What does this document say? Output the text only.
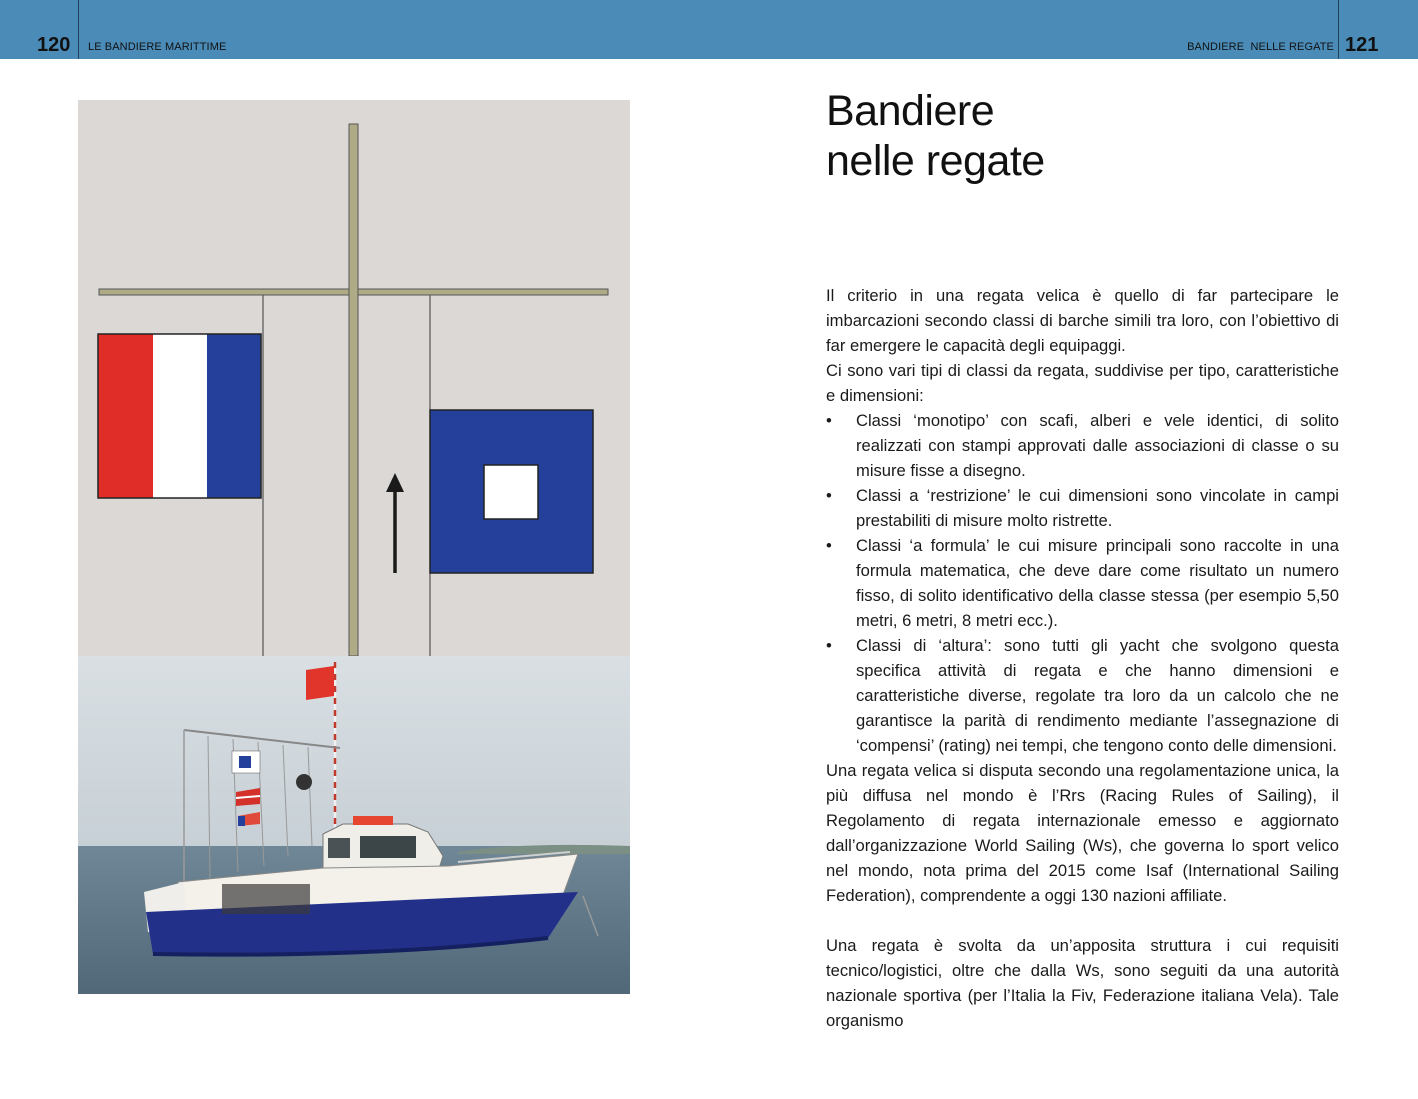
120 LE BANDIERE MARITTIME	BANDIERE  NELLE REGATE 121
Bandiere
nelle regate

Il criterio in una regata velica è quello di far partecipare le imbarcazioni secondo classi di barche simili tra loro, con l’obiettivo di far emergere le capacità degli equipaggi.

Ci sono vari tipi di classi da regata, suddivise per tipo, caratteristiche e dimensioni:

•	Classi ‘monotipo’ con scafi, alberi e vele identici, di solito realizzati con stampi approvati dalle associazioni di classe o su misure fisse a disegno.
•	Classi a ‘restrizione’ le cui dimensioni sono vincolate in campi prestabiliti di misure molto ristrette.
•	Classi ‘a formula’ le cui misure principali sono raccolte in una formula matematica, che deve dare come risultato un numero fisso, di solito identificativo della classe stessa (per esempio 5,50 metri, 6 metri, 8 metri ecc.).
•	Classi di ‘altura’: sono tutti gli yacht che svolgono questa specifica attività di regata e che hanno dimensioni e caratteristiche diverse, regolate tra loro da un calcolo che ne garantisce la parità di rendimento mediante l’assegnazione di ‘compensi’ (rating) nei tempi, che tengono conto delle dimensioni.

Una regata velica si disputa secondo una regolamentazione unica, la più diffusa nel mondo è l’Rrs (Racing Rules of Sailing), il Regolamento di regata internazionale emesso e aggiornato dall’organizzazione World Sailing (Ws), che governa lo sport velico nel mondo, nota prima del 2015 come Isaf (International Sailing Federation), comprendente a oggi 130 nazioni affiliate.

Una regata è svolta da un’apposita struttura i cui requisiti tecnico/logistici, oltre che dalla Ws, sono seguiti da una autorità nazionale sportiva (per l’Italia la Fiv, Federazione italiana Vela). Tale organismo
